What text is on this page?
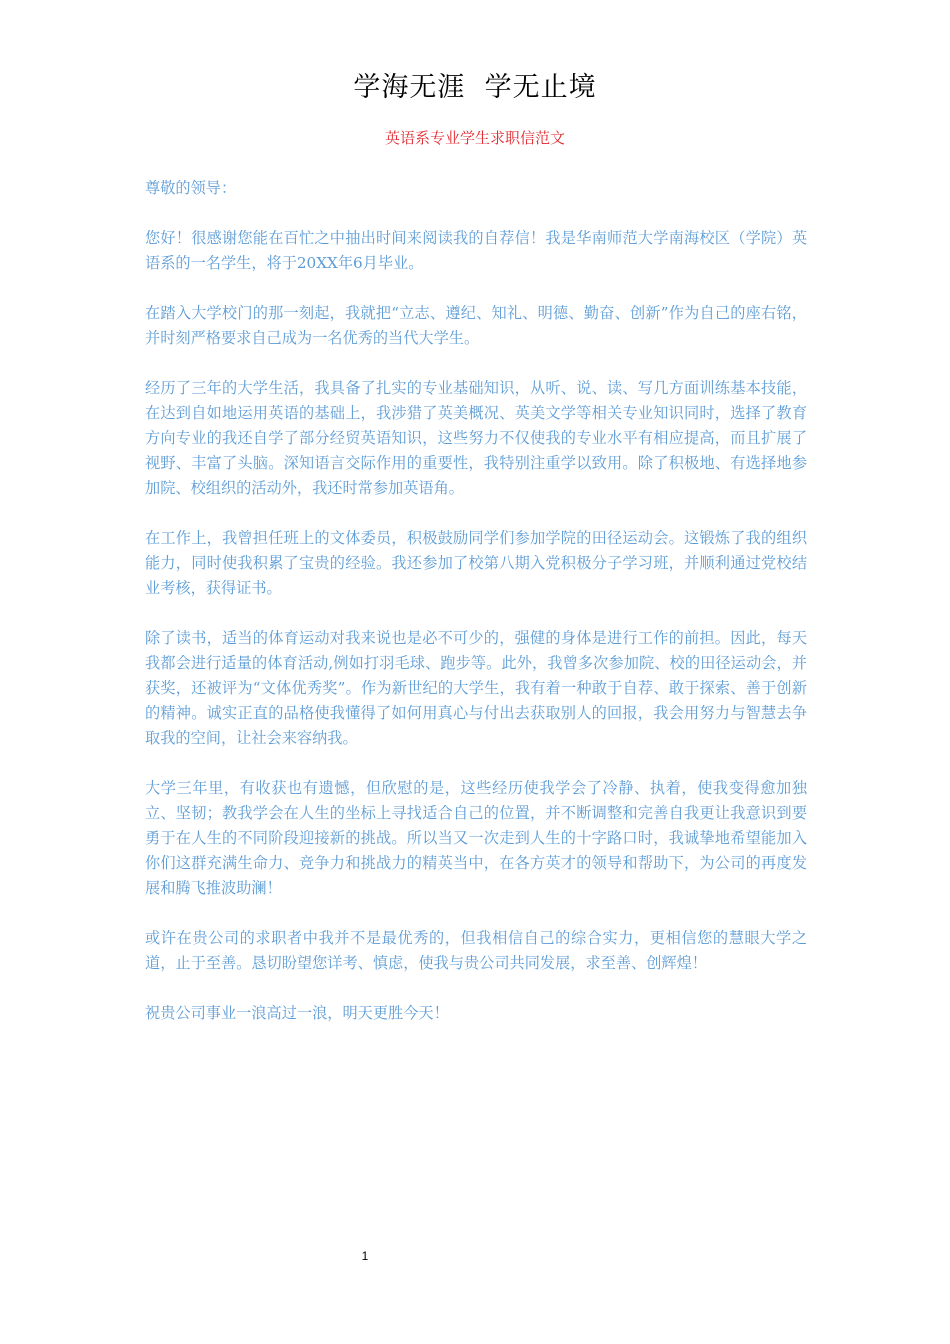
学海无涯  学无止境
英语系专业学生求职信范文

尊敬的领导：

您好！很感谢您能在百忙之中抽出时间来阅读我的自荐信！我是华南师范大学南海校区（学院）英语系的一名学生，将于20XX年6月毕业。

在踏入大学校门的那一刻起，我就把“立志、遵纪、知礼、明德、勤奋、创新”作为自己的座右铭，并时刻严格要求自己成为一名优秀的当代大学生。

经历了三年的大学生活，我具备了扎实的专业基础知识，从听、说、读、写几方面训练基本技能，在达到自如地运用英语的基础上，我涉猎了英美概况、英美文学等相关专业知识同时，选择了教育方向专业的我还自学了部分经贸英语知识，这些努力不仅使我的专业水平有相应提高，而且扩展了视野、丰富了头脑。深知语言交际作用的重要性，我特别注重学以致用。除了积极地、有选择地参加院、校组织的活动外，我还时常参加英语角。

在工作上，我曾担任班上的文体委员，积极鼓励同学们参加学院的田径运动会。这锻炼了我的组织能力，同时使我积累了宝贵的经验。我还参加了校第八期入党积极分子学习班，并顺利通过党校结业考核，获得证书。

除了读书，适当的体育运动对我来说也是必不可少的，强健的身体是进行工作的前担。因此，每天我都会进行适量的体育活动,例如打羽毛球、跑步等。此外，我曾多次参加院、校的田径运动会，并获奖，还被评为“文体优秀奖”。作为新世纪的大学生，我有着一种敢于自荐、敢于探索、善于创新的精神。诚实正直的品格使我懂得了如何用真心与付出去获取别人的回报，我会用努力与智慧去争取我的空间，让社会来容纳我。

大学三年里，有收获也有遗憾，但欣慰的是，这些经历使我学会了冷静、执着，使我变得愈加独立、坚韧；教我学会在人生的坐标上寻找适合自己的位置，并不断调整和完善自我更让我意识到要勇于在人生的不同阶段迎接新的挑战。所以当又一次走到人生的十字路口时，我诚挚地希望能加入你们这群充满生命力、竞争力和挑战力的精英当中，在各方英才的领导和帮助下，为公司的再度发展和腾飞推波助澜！

或许在贵公司的求职者中我并不是最优秀的，但我相信自己的综合实力，更相信您的慧眼大学之道，止于至善。恳切盼望您详考、慎虑，使我与贵公司共同发展，求至善、创辉煌！

祝贵公司事业一浪高过一浪，明天更胜今天！

1
